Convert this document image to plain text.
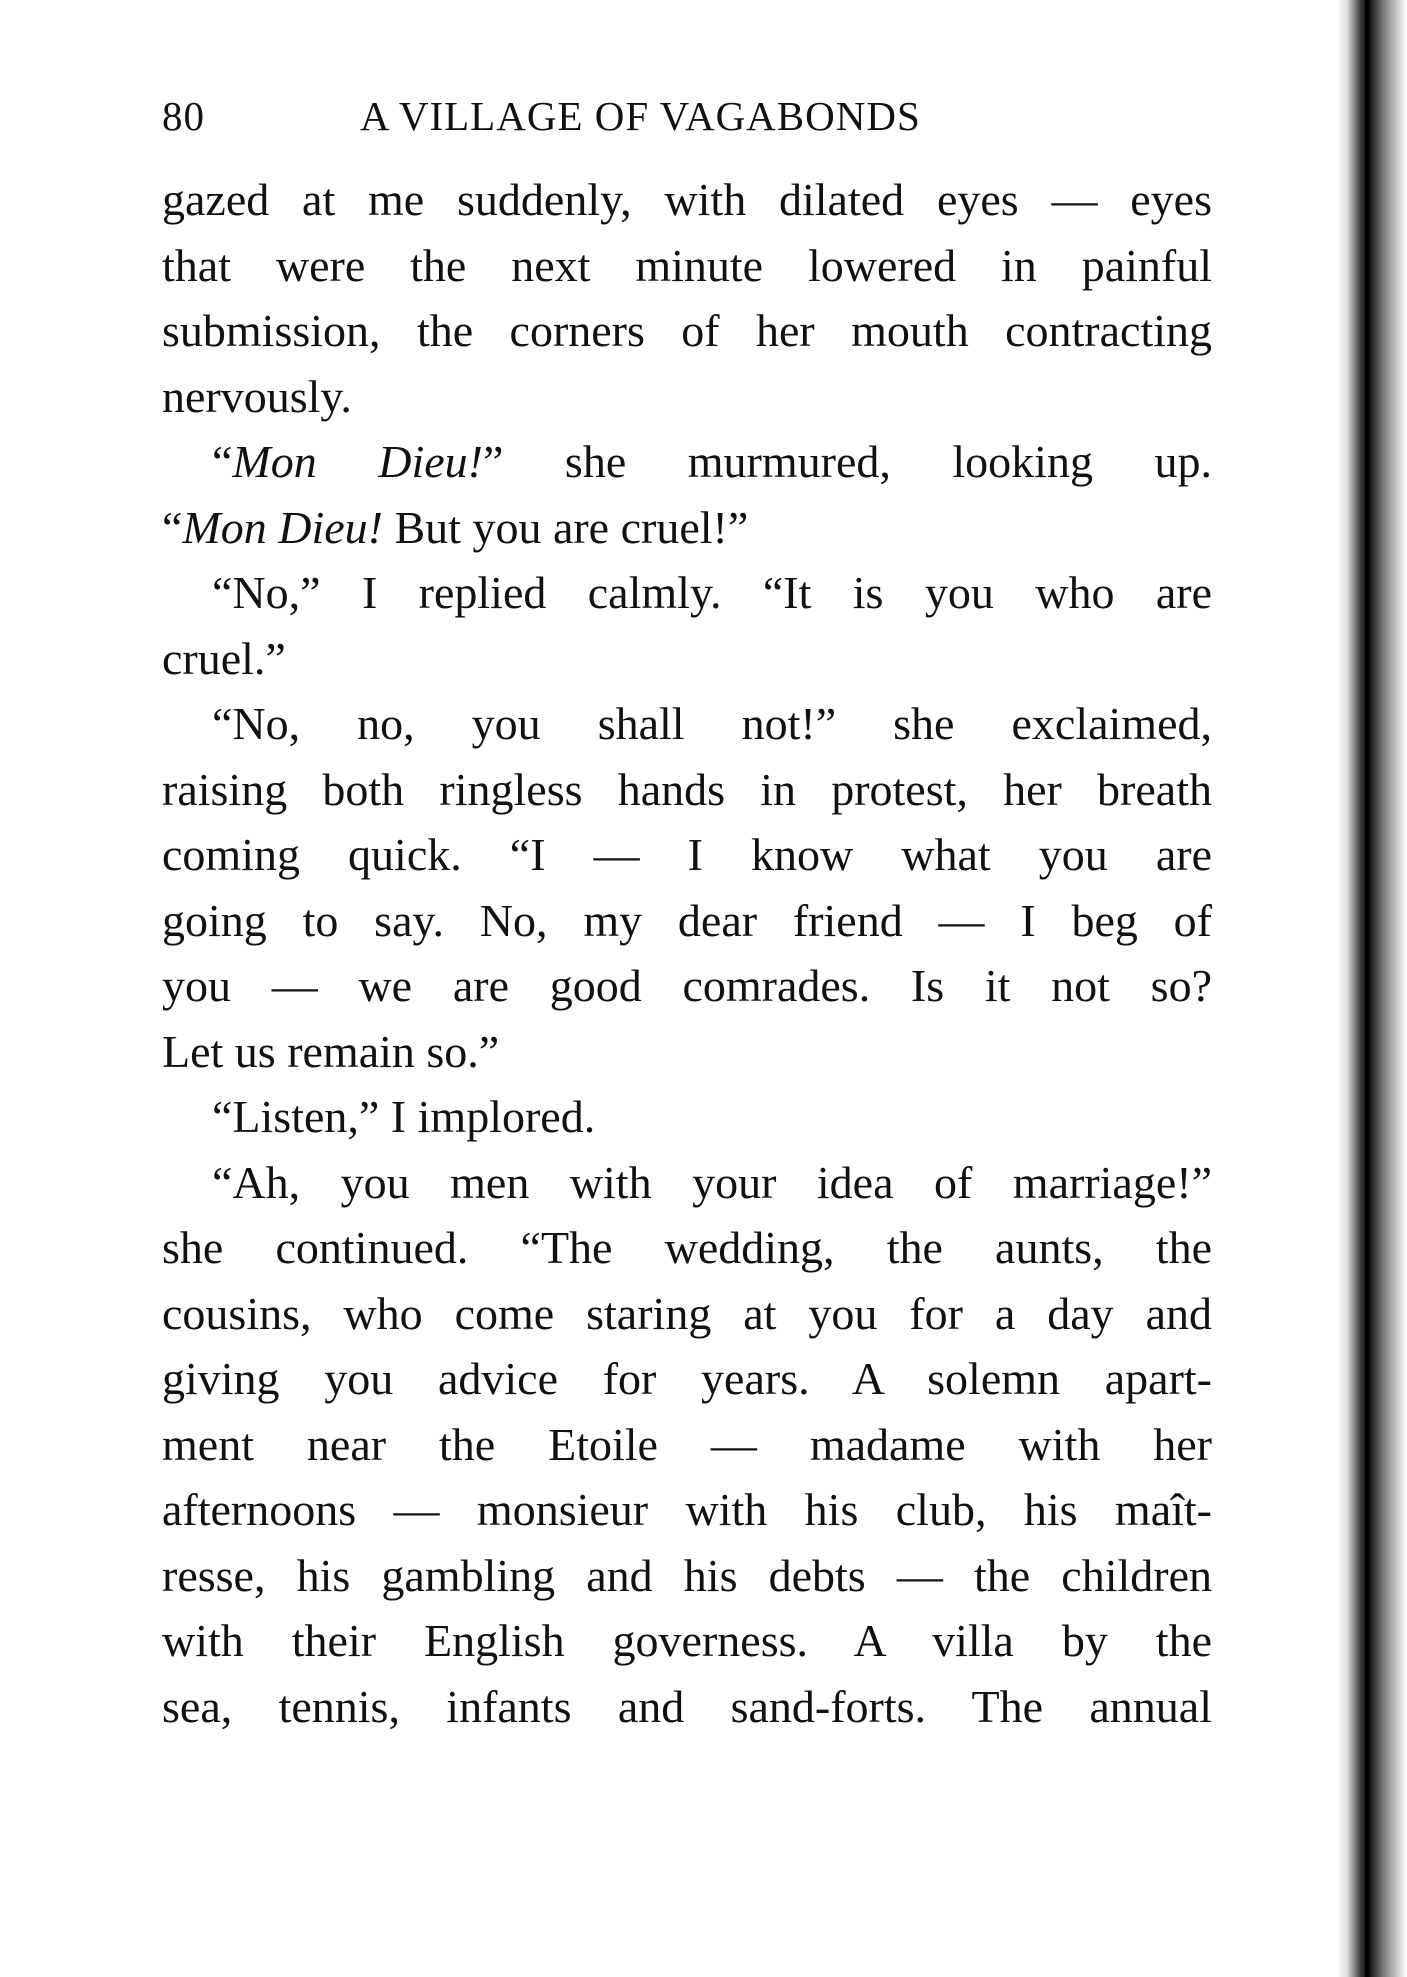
80	A VILLAGE OF VAGABONDS
gazed at me suddenly, with dilated eyes — eyes
that were the next minute lowered in painful
submission, the corners of her mouth contracting
nervously.
“Mon Dieu!” she murmured, looking up.
“Mon Dieu! But you are cruel!”
“No,” I replied calmly. “It is you who are
cruel.”
“No, no, you shall not!” she exclaimed,
raising both ringless hands in protest, her breath
coming quick. “I — I know what you are
going to say. No, my dear friend — I beg of
you — we are good comrades. Is it not so?
Let us remain so.”
“Listen,” I implored.
“Ah, you men with your idea of marriage!”
she continued. “The wedding, the aunts, the
cousins, who come staring at you for a day and
giving you advice for years. A solemn apart-
ment near the Etoile — madame with her
afternoons — monsieur with his club, his maît-
resse, his gambling and his debts — the children
with their English governess. A villa by the
sea, tennis, infants and sand-forts. The annual
